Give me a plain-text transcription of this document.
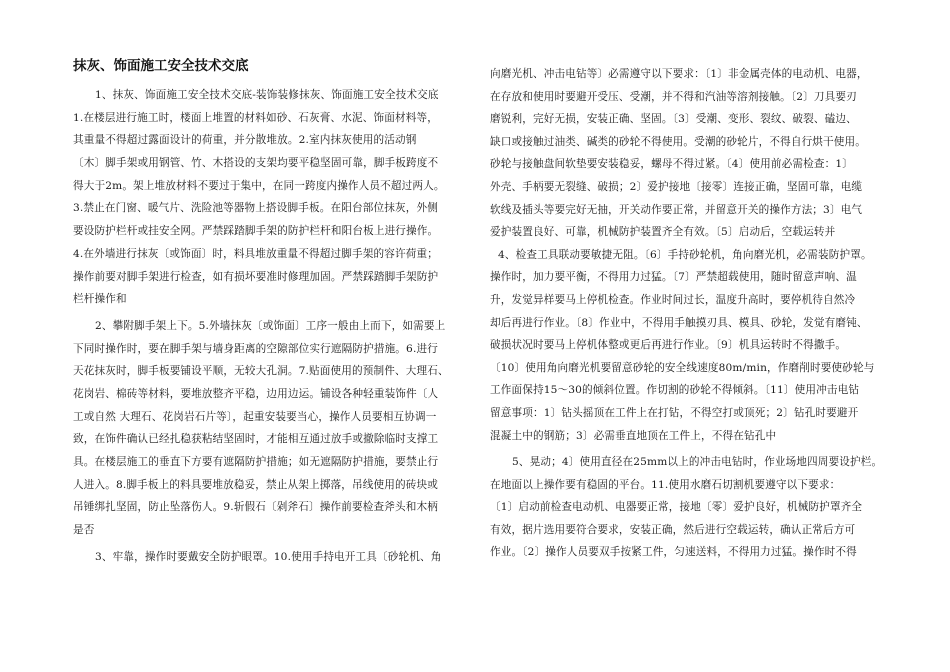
抹灰、饰面施工安全技术交底
1、抹灰、饰面施工安全技术交底-装饰装修抹灰、饰面施工安全技术交底
1.在楼层进行施工时，楼面上堆置的材料如砂、石灰膏、水泥、饰面材料等，
其重量不得超过露面设计的荷重，并分散堆放。2.室内抹灰使用的活动钢
〔木〕脚手架或用钢管、竹、木搭设的支架均要平稳坚固可靠，脚手板跨度不
得大于2m。架上堆放材料不要过于集中，在同一跨度内操作人员不超过两人。
3.禁止在门窗、暖气片、洗险池等器物上搭设脚手板。在阳台部位抹灰，外侧
要设防护栏杆或挂安全网。严禁踩踏脚手架的防护栏杆和阳台板上进行操作。
4.在外墙进行抹灰〔或饰面〕时，料具堆放重量不得超过脚手架的容许荷重；
操作前要对脚手架进行检查，如有损坏要准时修理加固。严禁踩踏脚手架防护
栏杆操作和
2、攀附脚手架上下。5.外墙抹灰〔或饰面〕工序一般由上而下，如需要上
下同时操作时，要在脚手架与墙身距离的空隙部位实行遮隔防护措施。6.进行
天花抹灰时，脚手板要铺设平顺，无较大孔洞。7.贴面使用的预制件、大理石、
花岗岩、棉砖等材料，要堆放整齐平稳，边用边运。铺设各种轻重装饰件〔人
工或自然 大理石、花岗岩石片等〕，起重安装要当心，操作人员要相互协调一
致，在饰件确认已经扎稳获粘结坚固时，才能相互通过放手或撤除临时支撑工
具。在楼层施工的垂直下方要有遮隔防护措施；如无遮隔防护措施，要禁止行
人进入。8.脚手板上的料具要堆放稳妥，禁止从架上掷落，吊线使用的砖块或
吊锤绑扎坚固，防止坠落伤人。9.斩假石〔剁斧石〕操作前要检查斧头和木柄
是否
3、牢靠，操作时要戴安全防护眼罩。10.使用手持电开工具〔砂轮机、角
向磨光机、冲击电钻等〕必需遵守以下要求：〔1〕非金属壳体的电动机、电器，
在存放和使用时要避开受压、受潮，并不得和汽油等溶剂接触。〔2〕刀具要刃
磨锐利，完好无损，安装正确、坚固。〔3〕受潮、变形、裂纹、破裂、磕边、
缺口或接触过油类、碱类的砂轮不得使用。受潮的砂轮片，不得自行烘干使用。
砂轮与接触盘间软垫要安装稳妥，螺母不得过紧。〔4〕使用前必需检查：1〕
外壳、手柄要无裂缝、破损；2〕爱护接地〔接零〕连接正确，坚固可靠，电缆
软线及插头等要完好无抽，开关动作要正常，并留意开关的操作方法；3〕电气
爱护装置良好、可靠，机械防护装置齐全有效。〔5〕启动后，空载运转并
4、检查工具联动要敏捷无阻。〔6〕手持砂轮机，角向磨光机，必需装防护罩。
操作时，加力要平衡，不得用力过猛。〔7〕严禁超载使用，随时留意声响、温
升，发觉异样要马上停机检查。作业时间过长，温度升高时，要停机待自然冷
却后再进行作业。〔8〕作业中，不得用手触摸刃具、模具、砂轮，发觉有磨钝、
破损状况时要马上停机体整或更后再进行作业。〔9〕机具运转时不得撒手。
〔10〕使用角向磨光机要留意砂轮的安全线速度80m/min，作磨削时要使砂轮与
工作面保持15～30的倾斜位置。作切割的砂轮不得倾斜。〔11〕使用冲击电钻
留意事项：1〕钻头摇顶在工件上在打钻，不得空打或顶死；2〕钻孔时要避开
混凝土中的钢筋；3〕必需垂直地顶在工件上，不得在钻孔中
5、晃动；4〕使用直径在25mm以上的冲击电钻时，作业场地四周要设护栏。
在地面以上操作要有稳固的平台。11.使用水磨石切割机要遵守以下要求：
〔1〕启动前检查电动机、电器要正常，接地〔零〕爱护良好，机械防护罩齐全
有效，据片选用要符合要求，安装正确，然后进行空载运转，确认正常后方可
作业。〔2〕操作人员要双手按紧工件，匀速送料，不得用力过猛。操作时不得
